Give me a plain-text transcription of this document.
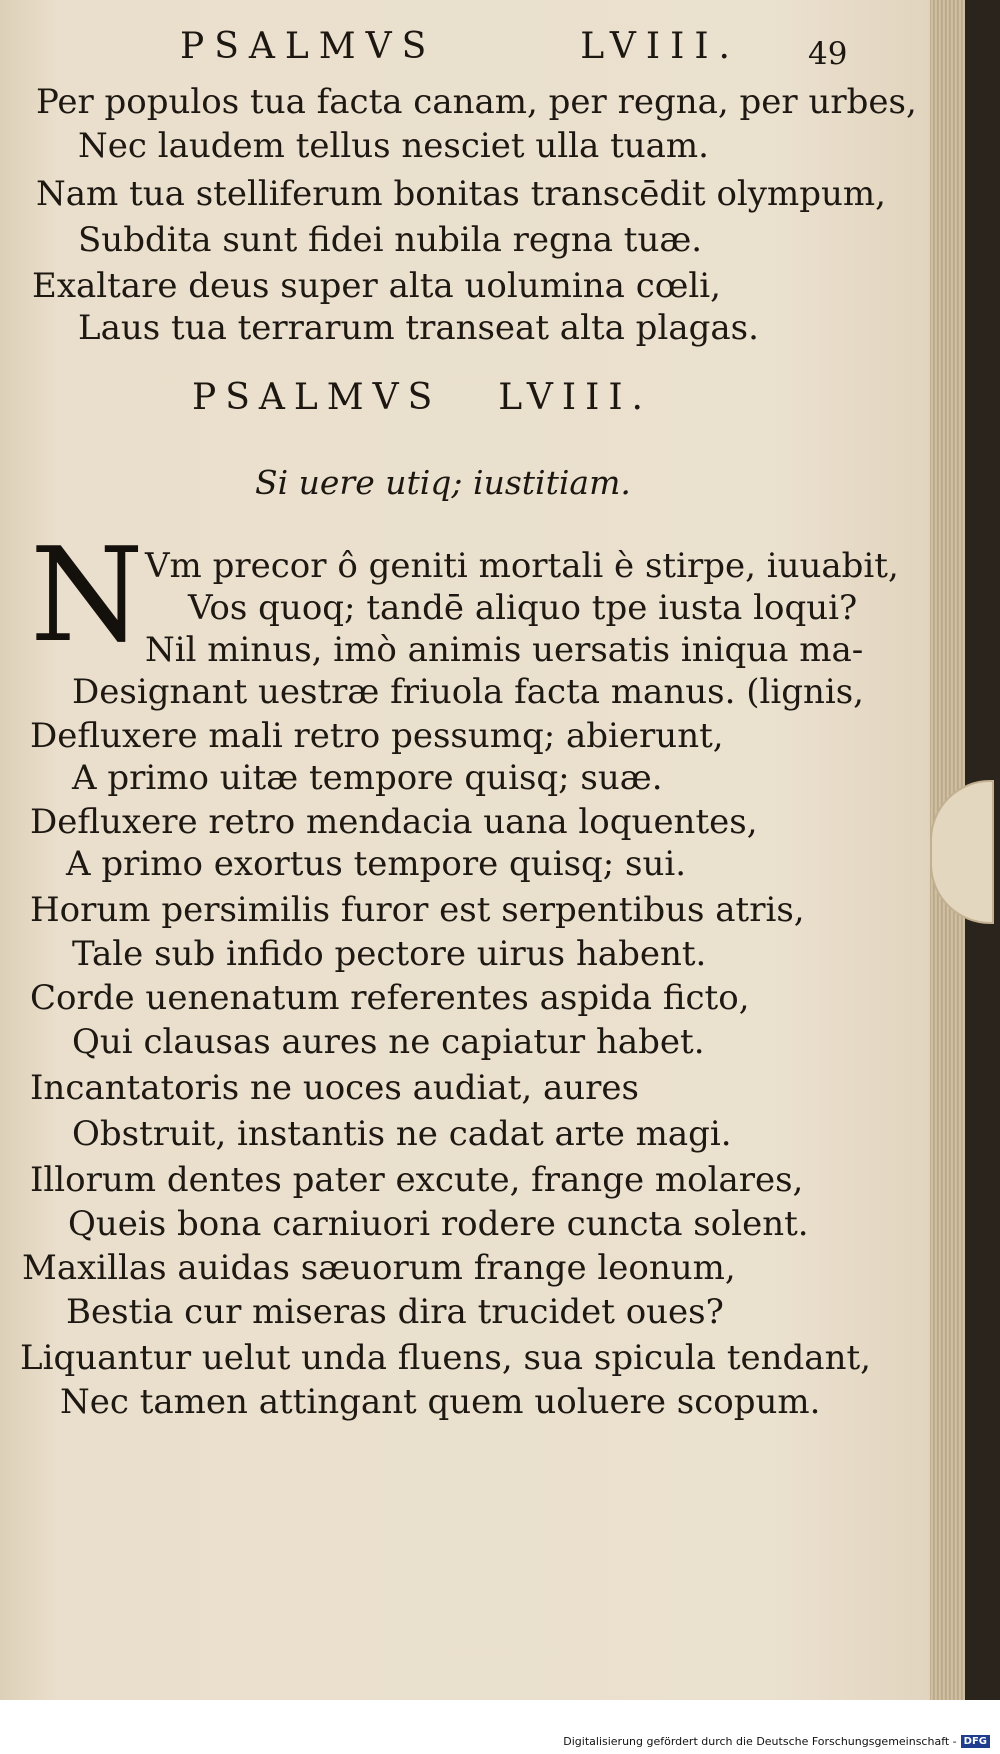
PSALMVS	LVIII. 49
Per populos tua facta canam, per regna, per urbes,
Nec laudem tellus nesciet ulla tuam.
Nam tua stelliferum bonitas transcēdit olympum,
Subdita sunt fidei nubila regna tuæ.
Exaltare deus super alta uolumina cœli,
Laus tua terrarum transeat alta plagas.
PSALMVS LVIII.
Si uere utiq; iustitiam.
N Vm precor ô geniti mortali è stirpe, iuuabit,
Vos quoq; tandē aliquo tpe iusta loqui?
Nil minus, imò animis uersatis iniqua ma-
Designant uestræ friuola facta manus. (lignis,
Defluxere mali retro pessumq; abierunt,
A primo uitæ tempore quisq; suæ.
Defluxere retro mendacia uana loquentes,
A primo exortus tempore quisq; sui.
Horum persimilis furor est serpentibus atris,
Tale sub infido pectore uirus habent.
Corde uenenatum referentes aspida ficto,
Qui clausas aures ne capiatur habet.
Incantatoris ne uoces audiat, aures
Obstruit, instantis ne cadat arte magi.
Illorum dentes pater excute, frange molares,
Queis bona carniuori rodere cuncta solent.
Maxillas auidas sæuorum frange leonum,
Bestia cur miseras dira trucidet oues?
Liquantur uelut unda fluens, sua spicula tendant,
Nec tamen attingant quem uoluere scopum.
Digitalisierung gefördert durch die Deutsche Forschungsgemeinschaft - DFG
